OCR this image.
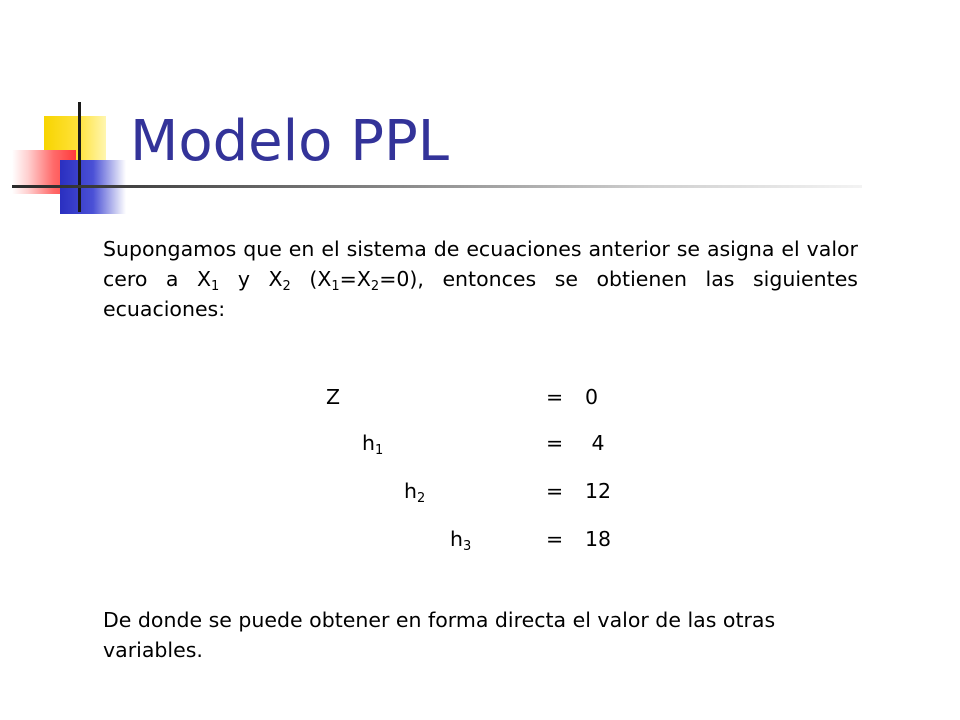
Modelo PPL

Supongamos que en el sistema de ecuaciones anterior se asigna el valor cero a $X_1$ y $X_2$ $(X_1=X_2=0)$, entonces se obtienen las siguientes ecuaciones:

Z	= 0
$h_1$	= 4
$h_2$	= 12
$h_3$	= 18

De donde se puede obtener en forma directa el valor de las otras variables.
